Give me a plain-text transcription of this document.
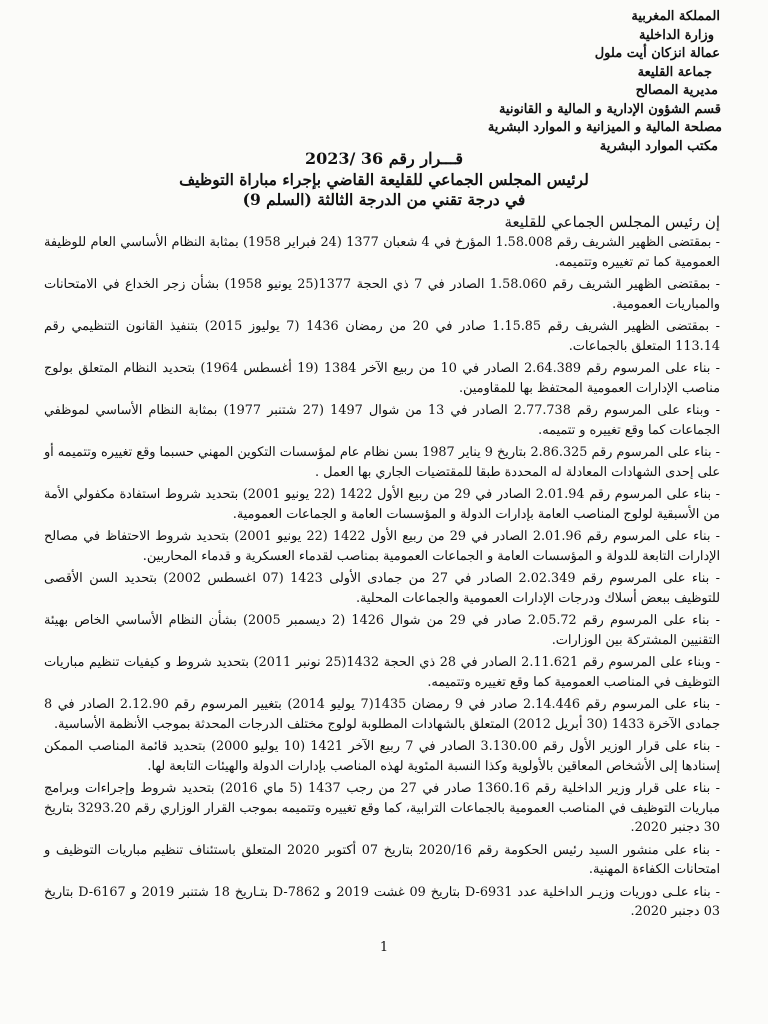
المملكة المغربية
وزارة الداخلية
عمالة انزكان أيت ملول
جماعة القليعة
مديرية المصالح
قسم الشؤون الإدارية و المالية و القانونية
مصلحة المالية و الميزانية و الموارد البشرية
مكتب الموارد البشرية
قـــرار رقم 36 /2023
لرئيس المجلس الجماعي للقليعة القاضي بإجراء مباراة التوظيف
في درجة تقني من الدرجة الثالثة (السلم 9)
إن رئيس المجلس الجماعي للقليعة

- بمقتضى الظهير الشريف رقم 1.58.008 المؤرخ في 4 شعبان 1377 (24 فبراير 1958) بمثابة النظام الأساسي العام للوظيفة العمومية كما تم تغييره وتتميمه.

- بمقتضى الظهير الشريف رقم 1.58.060 الصادر في 7 ذي الحجة 1377(25 يونيو 1958) بشأن زجر الخداع في الامتحانات والمباريات العمومية.

- بمقتضى الظهير الشريف رقم 1.15.85 صادر في 20 من رمضان 1436 (7 يوليوز 2015) بتنفيذ القانون التنظيمي رقم 113.14 المتعلق بالجماعات.

- بناء على المرسوم رقم 2.64.389 الصادر في 10 من ربيع الآخر 1384 (19 أغسطس 1964) بتحديد النظام المتعلق بولوج مناصب الإدارات العمومية المحتفظ بها للمقاومين.

- وبناء على المرسوم رقم 2.77.738 الصادر في 13 من شوال 1497 (27 شتنبر 1977) بمثابة النظام الأساسي لموظفي الجماعات كما وقع تغييره و تتميمه.

- بناء على المرسوم رقم 2.86.325 بتاريخ 9 يناير 1987 بسن نظام عام لمؤسسات التكوين المهني حسبما وقع تغييره وتتميمه أو على إحدى الشهادات المعادلة له المحددة طبقا للمقتضيات الجاري بها العمل .

- بناء على المرسوم رقم 2.01.94 الصادر في 29 من ربيع الأول 1422 (22 يونيو 2001) بتحديد شروط استفادة مكفولي الأمة من الأسبقية لولوج المناصب العامة بإدارات الدولة و المؤسسات العامة و الجماعات العمومية.

- بناء على المرسوم رقم 2.01.96 الصادر في 29 من ربيع الأول 1422 (22 يونيو 2001) بتحديد شروط الاحتفاظ في مصالح الإدارات التابعة للدولة و المؤسسات العامة و الجماعات العمومية بمناصب لقدماء العسكرية و قدماء المحاربين.

- بناء على المرسوم رقم 2.02.349 الصادر في 27 من جمادى الأولى 1423 (07 اغسطس 2002) بتحديد السن الأقصى للتوظيف ببعض أسلاك ودرجات الإدارات العمومية والجماعات المحلية.

- بناء على المرسوم رقم 2.05.72 صادر في 29 من شوال 1426 (2 ديسمبر 2005) بشأن النظام الأساسي الخاص بهيئة التقنيين المشتركة بين الوزارات.

- وبناء على المرسوم رقم 2.11.621 الصادر في 28 ذي الحجة 1432(25 نونبر 2011) بتحديد شروط و كيفيات تنظيم مباريات التوظيف في المناصب العمومية كما وقع تغييره وتتميمه.

- بناء على المرسوم رقم 2.14.446 صادر في 9 رمضان 1435(7 يوليو 2014) بتغيير المرسوم رقم 2.12.90 الصادر في 8 جمادى الآخرة 1433 (30 أبريل 2012) المتعلق بالشهادات المطلوبة لولوج مختلف الدرجات المحدثة بموجب الأنظمة الأساسية.

- بناء على قرار الوزير الأول رقم 3.130.00 الصادر في 7 ربيع الآخر 1421 (10 يوليو 2000) بتحديد قائمة المناصب الممكن إسنادها إلى الأشخاص المعاقين بالأولوية وكذا النسبة المئوية لهذه المناصب بإدارات الدولة والهيئات التابعة لها.

- بناء على قرار وزير الداخلية رقم 1360.16 صادر في 27 من رجب 1437 (5 ماي 2016) بتحديد شروط وإجراءات وبرامج مباريات التوظيف في المناصب العمومية بالجماعات الترابية، كما وقع تغييره وتتميمه بموجب القرار الوزاري رقم 3293.20 بتاريخ 30 دجنبر 2020.

- بناء على منشور السيد رئيس الحكومة رقم 2020/16 بتاريخ 07 أكتوبر 2020 المتعلق باستئناف تنظيم مباريات التوظيف و امتحانات الكفاءة المهنية.

- بناء علـى دوريات وزيـر الداخلية عدد D-6931 بتاريخ 09 غشت 2019 و D-7862 بتـاريخ 18 شتنبر 2019 و D-6167 بتاريخ 03 دجنبر 2020.

1
